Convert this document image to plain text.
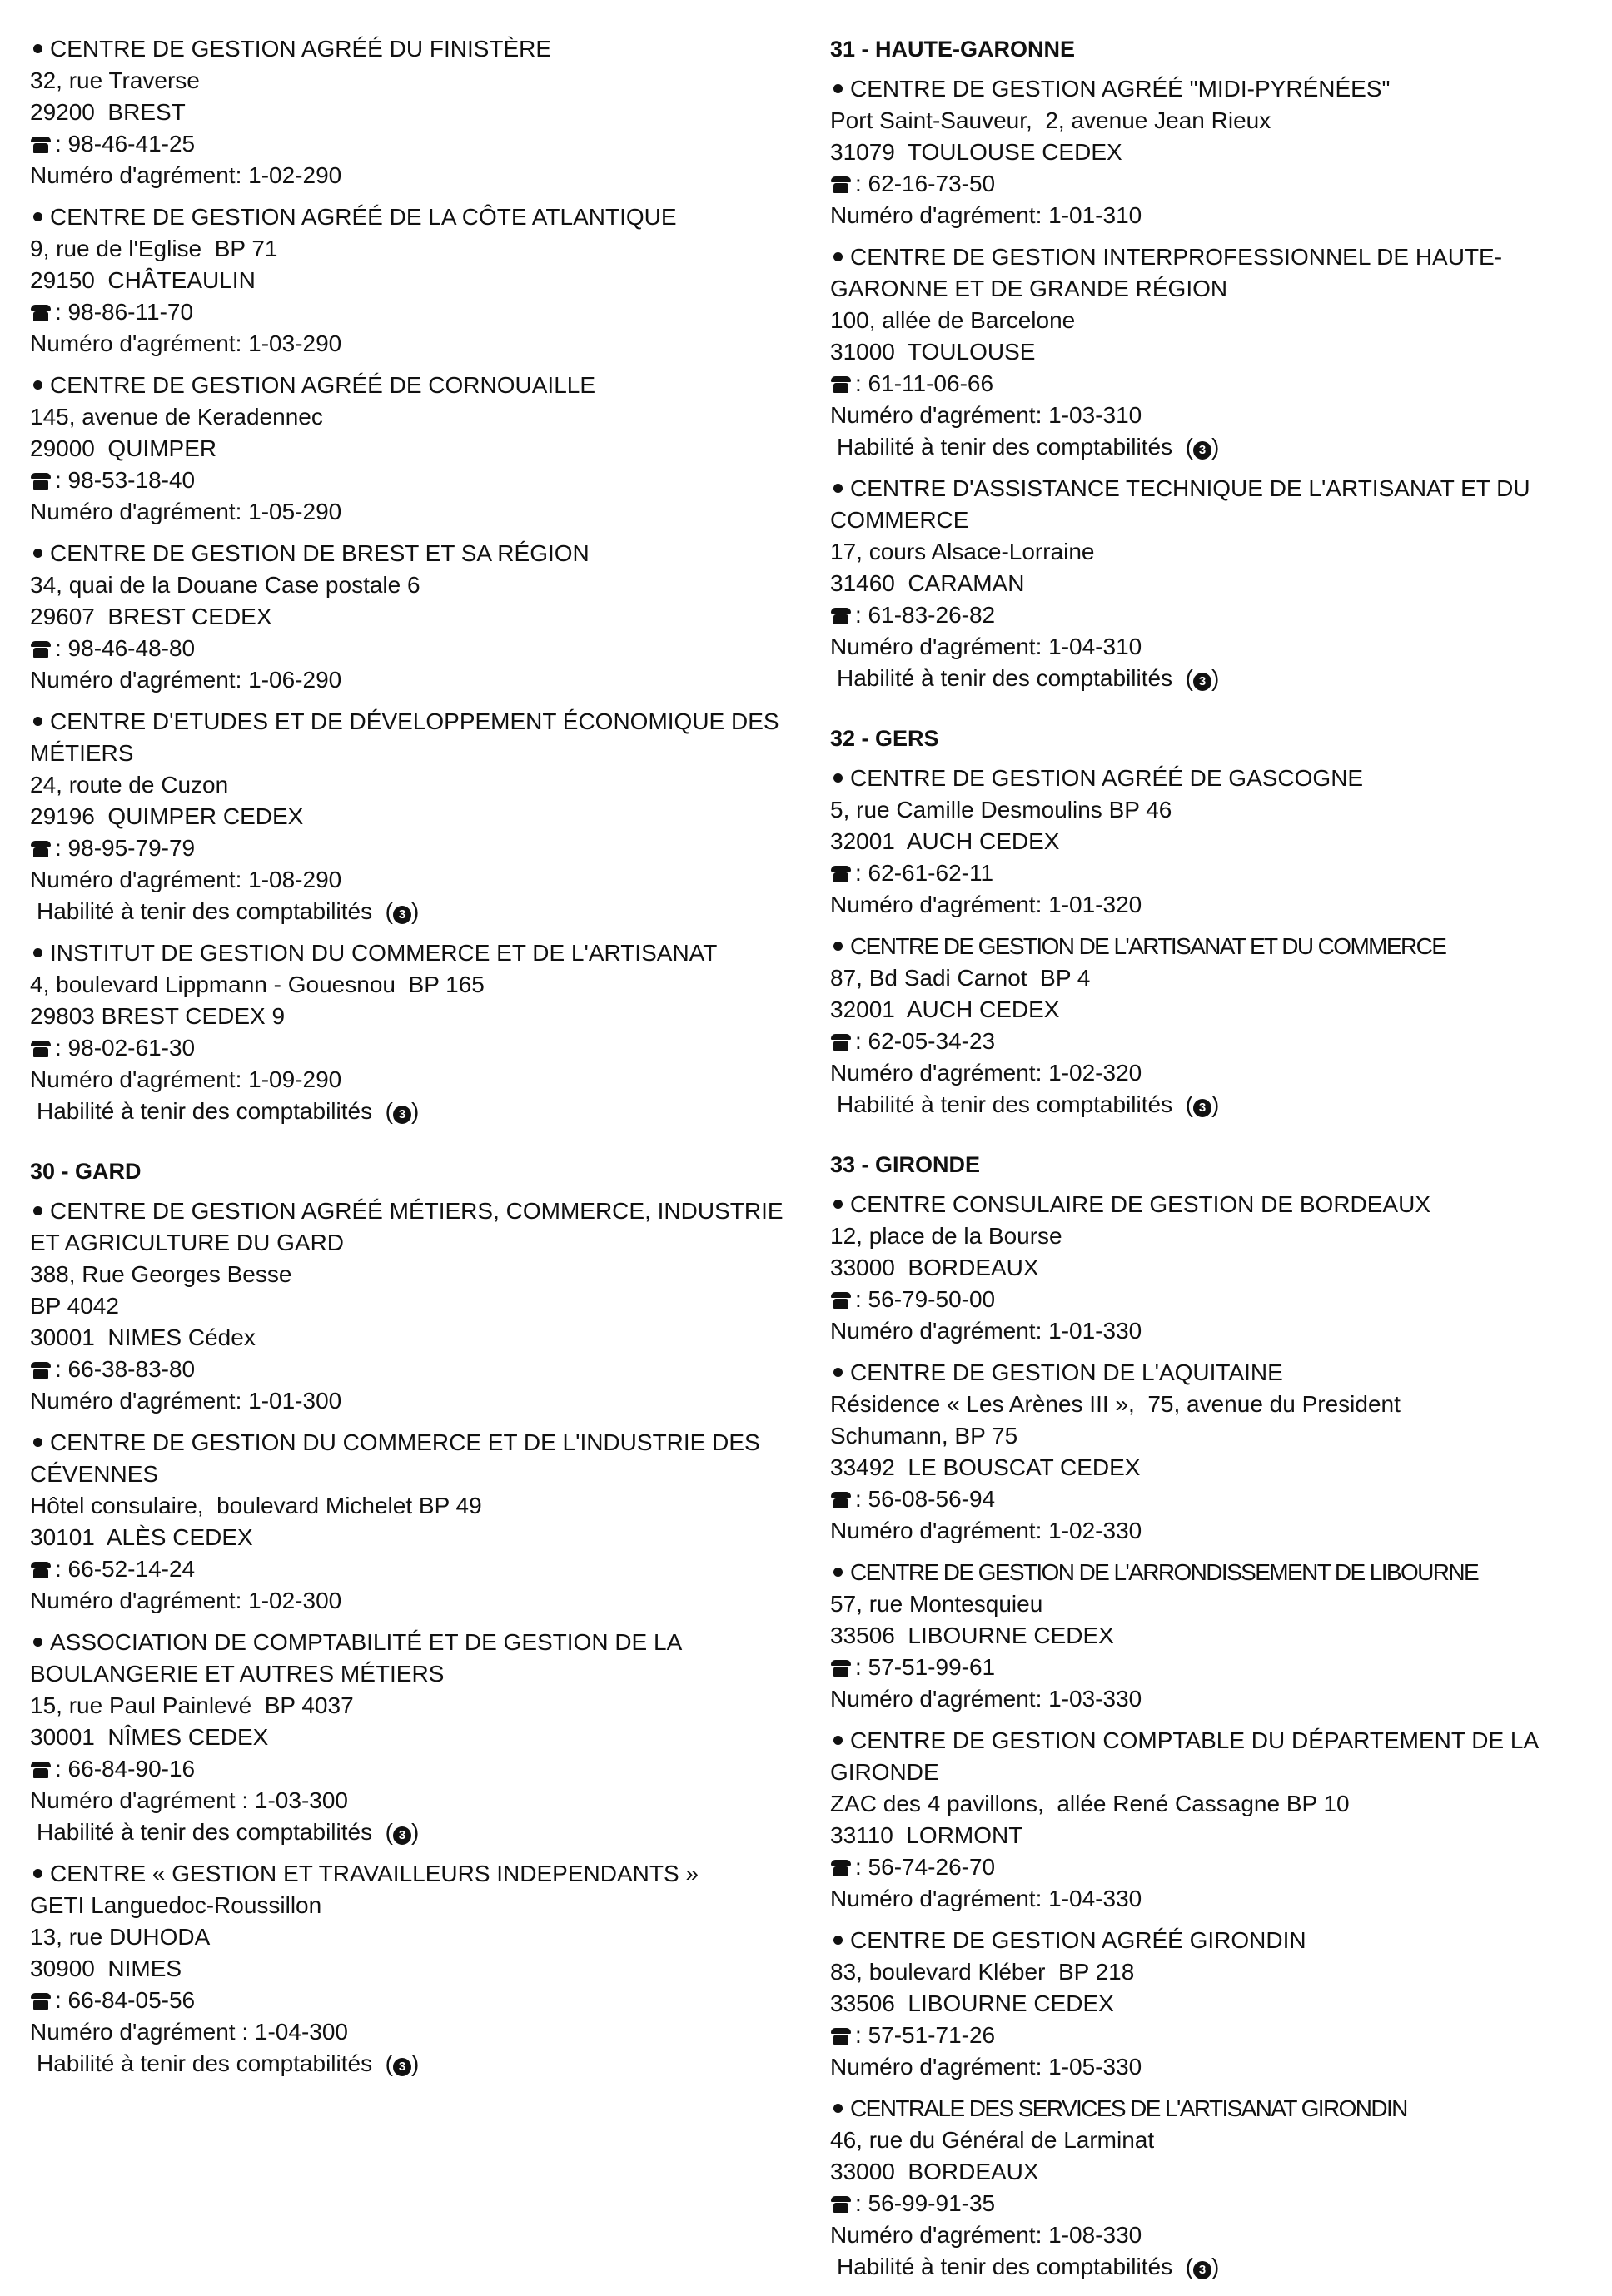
CENTRE DE GESTION AGRÉÉ DU FINISTÈRE
32, rue Traverse
29200  BREST
: 98-46-41-25
Numéro d'agrément: 1-02-290
CENTRE DE GESTION AGRÉÉ DE LA CÔTE ATLANTIQUE
9, rue de l'Eglise  BP 71
29150  CHÂTEAULIN
: 98-86-11-70
Numéro d'agrément: 1-03-290
CENTRE DE GESTION AGRÉÉ DE CORNOUAILLE
145, avenue de Keradennec
29000  QUIMPER
: 98-53-18-40
Numéro d'agrément: 1-05-290
CENTRE DE GESTION DE BREST ET SA RÉGION
34, quai de la Douane Case postale 6
29607  BREST CEDEX
: 98-46-48-80
Numéro d'agrément: 1-06-290
CENTRE D'ETUDES ET DE DÉVELOPPEMENT ÉCONOMIQUE DES MÉTIERS
24, route de Cuzon
29196  QUIMPER CEDEX
: 98-95-79-79
Numéro d'agrément: 1-08-290
Habilité à tenir des comptabilités  ( 3 )
INSTITUT DE GESTION DU COMMERCE ET DE L'ARTISANAT
4, boulevard Lippmann - Gouesnou  BP 165
29803 BREST CEDEX 9
: 98-02-61-30
Numéro d'agrément: 1-09-290
Habilité à tenir des comptabilités  ( 3 )
30 - GARD
CENTRE DE GESTION AGRÉÉ MÉTIERS, COMMERCE, INDUSTRIE ET AGRICULTURE DU GARD
388, Rue Georges Besse
BP 4042
30001  NIMES Cédex
: 66-38-83-80
Numéro d'agrément: 1-01-300
CENTRE DE GESTION DU COMMERCE ET DE L'INDUSTRIE DES CÉVENNES
Hôtel consulaire,  boulevard Michelet BP 49
30101  ALÈS CEDEX
: 66-52-14-24
Numéro d'agrément: 1-02-300
ASSOCIATION DE COMPTABILITÉ ET DE GESTION DE LA BOULANGERIE ET AUTRES MÉTIERS
15, rue Paul Painlevé  BP 4037
30001  NÎMES CEDEX
: 66-84-90-16
Numéro d'agrément : 1-03-300
Habilité à tenir des comptabilités  ( 3 )
CENTRE « GESTION ET TRAVAILLEURS INDEPENDANTS »
GETI Languedoc-Roussillon
13, rue DUHODA
30900  NIMES
: 66-84-05-56
Numéro d'agrément : 1-04-300
Habilité à tenir des comptabilités  ( 3 )
31 - HAUTE-GARONNE
CENTRE DE GESTION AGRÉÉ "MIDI-PYRÉNÉES"
Port Saint-Sauveur,  2, avenue Jean Rieux
31079  TOULOUSE CEDEX
: 62-16-73-50
Numéro d'agrément: 1-01-310
CENTRE DE GESTION INTERPROFESSIONNEL DE HAUTE-GARONNE ET DE GRANDE RÉGION
100, allée de Barcelone
31000  TOULOUSE
: 61-11-06-66
Numéro d'agrément: 1-03-310
Habilité à tenir des comptabilités  ( 3 )
CENTRE D'ASSISTANCE TECHNIQUE DE L'ARTISANAT ET DU COMMERCE
17, cours Alsace-Lorraine
31460  CARAMAN
: 61-83-26-82
Numéro d'agrément: 1-04-310
Habilité à tenir des comptabilités  ( 3 )
32 - GERS
CENTRE DE GESTION AGRÉÉ DE GASCOGNE
5, rue Camille Desmoulins BP 46
32001  AUCH CEDEX
: 62-61-62-11
Numéro d'agrément: 1-01-320
CENTRE DE GESTION DE L'ARTISANAT ET DU COMMERCE
87, Bd Sadi Carnot  BP 4
32001  AUCH CEDEX
: 62-05-34-23
Numéro d'agrément: 1-02-320
Habilité à tenir des comptabilités  ( 3 )
33 - GIRONDE
CENTRE CONSULAIRE DE GESTION DE BORDEAUX
12, place de la Bourse
33000  BORDEAUX
: 56-79-50-00
Numéro d'agrément: 1-01-330
CENTRE DE GESTION DE L'AQUITAINE
Résidence « Les Arènes III »,  75, avenue du President
Schumann, BP 75
33492  LE BOUSCAT CEDEX
: 56-08-56-94
Numéro d'agrément: 1-02-330
CENTRE DE GESTION DE L'ARRONDISSEMENT DE LIBOURNE
57, rue Montesquieu
33506  LIBOURNE CEDEX
: 57-51-99-61
Numéro d'agrément: 1-03-330
CENTRE DE GESTION COMPTABLE DU DÉPARTEMENT DE LA GIRONDE
ZAC des 4 pavillons,  allée René Cassagne BP 10
33110  LORMONT
: 56-74-26-70
Numéro d'agrément: 1-04-330
CENTRE DE GESTION AGRÉÉ GIRONDIN
83, boulevard Kléber  BP 218
33506  LIBOURNE CEDEX
: 57-51-71-26
Numéro d'agrément: 1-05-330
CENTRALE DES SERVICES DE L'ARTISANAT GIRONDIN
46, rue du Général de Larminat
33000  BORDEAUX
: 56-99-91-35
Numéro d'agrément: 1-08-330
Habilité à tenir des comptabilités  ( 3 )
